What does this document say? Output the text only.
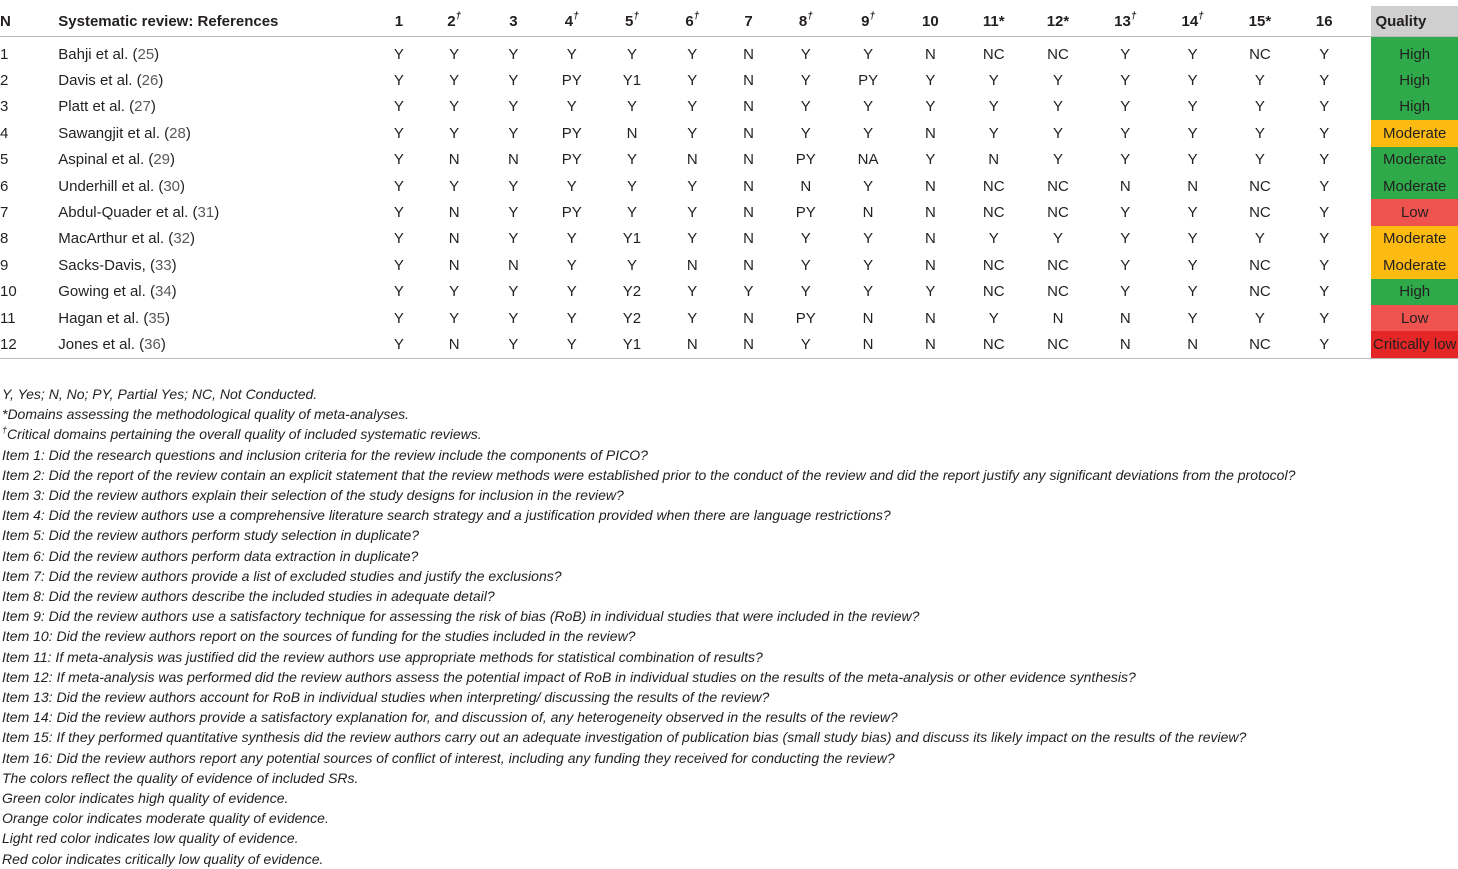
N	Systematic review: References	1	2†	3	4†	5†	6†	7	8†	9†	10	11*	12*	13†	14†	15*	16		Quality
1	Bahji et al. (25)	Y	Y	Y	Y	Y	Y	N	Y	Y	N	NC	NC	Y	Y	NC	Y		High
2	Davis et al. (26)	Y	Y	Y	PY	Y1	Y	N	Y	PY	Y	Y	Y	Y	Y	Y	Y		High
3	Platt et al. (27)	Y	Y	Y	Y	Y	Y	N	Y	Y	Y	Y	Y	Y	Y	Y	Y		High
4	Sawangjit et al. (28)	Y	Y	Y	PY	N	Y	N	Y	Y	N	Y	Y	Y	Y	Y	Y		Moderate
5	Aspinal et al. (29)	Y	N	N	PY	Y	N	N	PY	NA	Y	N	Y	Y	Y	Y	Y		Moderate
6	Underhill et al. (30)	Y	Y	Y	Y	Y	Y	N	N	Y	N	NC	NC	N	N	NC	Y		Moderate
7	Abdul-Quader et al. (31)	Y	N	Y	PY	Y	Y	N	PY	N	N	NC	NC	Y	Y	NC	Y		Low
8	MacArthur et al. (32)	Y	N	Y	Y	Y1	Y	N	Y	Y	N	Y	Y	Y	Y	Y	Y		Moderate
9	Sacks-Davis, (33)	Y	N	N	Y	Y	N	N	Y	Y	N	NC	NC	Y	Y	NC	Y		Moderate
10	Gowing et al. (34)	Y	Y	Y	Y	Y2	Y	Y	Y	Y	Y	NC	NC	Y	Y	NC	Y		High
11	Hagan et al. (35)	Y	Y	Y	Y	Y2	Y	N	PY	N	N	Y	N	N	Y	Y	Y		Low
12	Jones et al. (36)	Y	N	Y	Y	Y1	N	N	Y	N	N	NC	NC	N	N	NC	Y		Critically low
Y, Yes; N, No; PY, Partial Yes; NC, Not Conducted.
*Domains assessing the methodological quality of meta-analyses.
†Critical domains pertaining the overall quality of included systematic reviews.
Item 1: Did the research questions and inclusion criteria for the review include the components of PICO?
Item 2: Did the report of the review contain an explicit statement that the review methods were established prior to the conduct of the review and did the report justify any significant deviations from the protocol?
Item 3: Did the review authors explain their selection of the study designs for inclusion in the review?
Item 4: Did the review authors use a comprehensive literature search strategy and a justification provided when there are language restrictions?
Item 5: Did the review authors perform study selection in duplicate?
Item 6: Did the review authors perform data extraction in duplicate?
Item 7: Did the review authors provide a list of excluded studies and justify the exclusions?
Item 8: Did the review authors describe the included studies in adequate detail?
Item 9: Did the review authors use a satisfactory technique for assessing the risk of bias (RoB) in individual studies that were included in the review?
Item 10: Did the review authors report on the sources of funding for the studies included in the review?
Item 11: If meta-analysis was justified did the review authors use appropriate methods for statistical combination of results?
Item 12: If meta-analysis was performed did the review authors assess the potential impact of RoB in individual studies on the results of the meta-analysis or other evidence synthesis?
Item 13: Did the review authors account for RoB in individual studies when interpreting/ discussing the results of the review?
Item 14: Did the review authors provide a satisfactory explanation for, and discussion of, any heterogeneity observed in the results of the review?
Item 15: If they performed quantitative synthesis did the review authors carry out an adequate investigation of publication bias (small study bias) and discuss its likely impact on the results of the review?
Item 16: Did the review authors report any potential sources of conflict of interest, including any funding they received for conducting the review?
The colors reflect the quality of evidence of included SRs.
Green color indicates high quality of evidence.
Orange color indicates moderate quality of evidence.
Light red color indicates low quality of evidence.
Red color indicates critically low quality of evidence.
